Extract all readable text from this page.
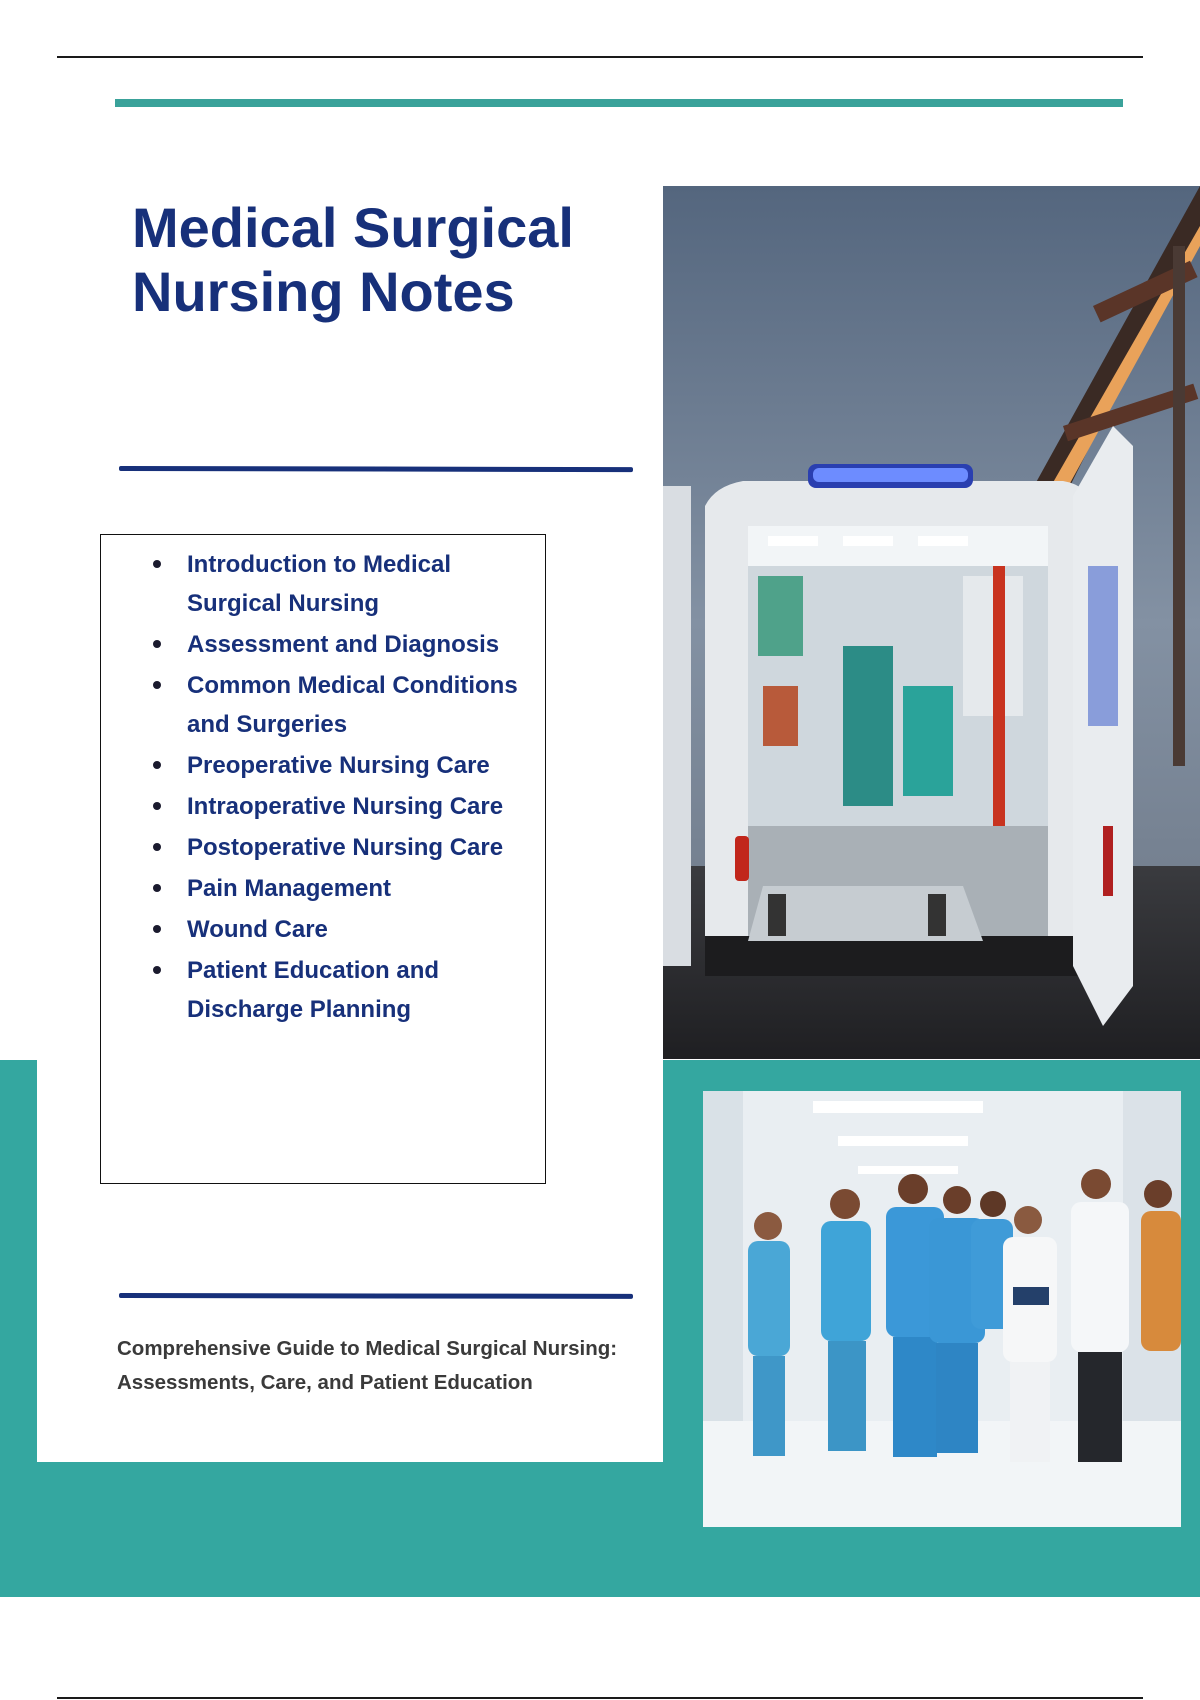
Medical Surgical
Nursing Notes
Introduction to Medical Surgical Nursing
Assessment and Diagnosis
Common Medical Conditions and Surgeries
Preoperative Nursing Care
Intraoperative Nursing Care
Postoperative Nursing Care
Pain Management
Wound Care
Patient Education and Discharge Planning

Comprehensive Guide to Medical Surgical Nursing:
Assessments, Care, and Patient Education
